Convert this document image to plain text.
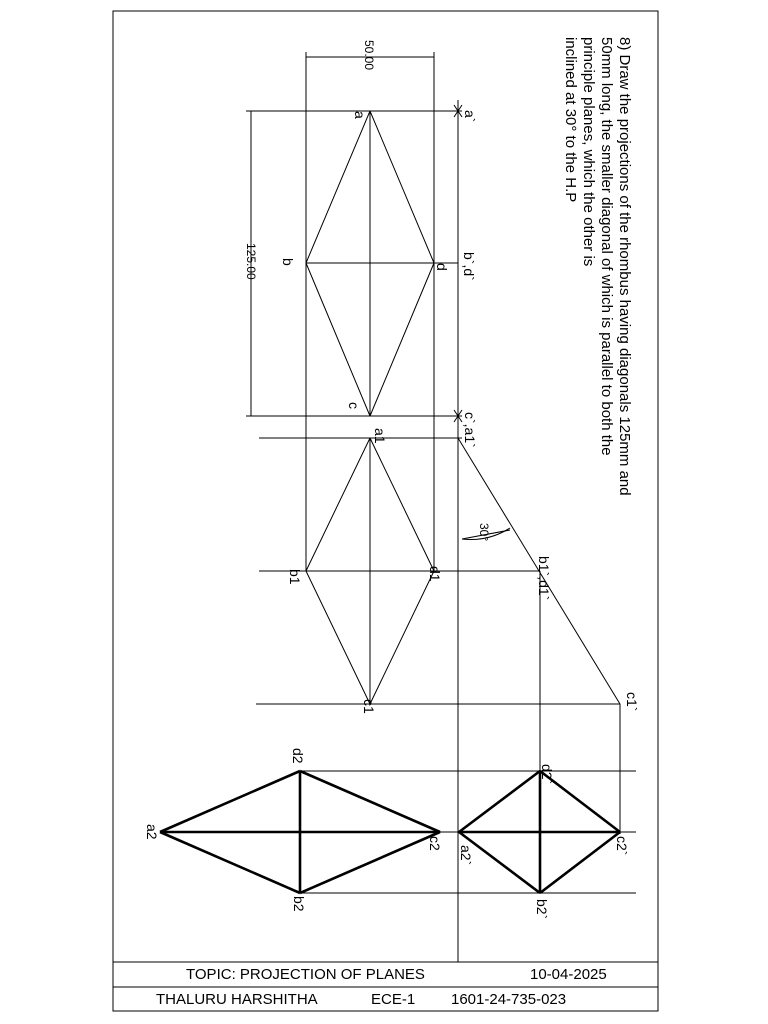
TOPIC: PROJECTION OF PLANES	10-04-2025
THALURU HARSHITHA	ECE-1 1601-24-735-023
8) Draw the projections of the rhombus having diagonals 125mm and
50mm long, the smaller diagonal of which is parallel to both the
principle planes, which the other is
inclined at 30° to the H.P
50.00
125.00
30°
a
b
c
d
a`
b`,d`
c`,a1`
a1
b1
c1
d1	b1`,d1`
c1`
a2
b2
c2
d2
a2`
b2`
c2`
d2`
